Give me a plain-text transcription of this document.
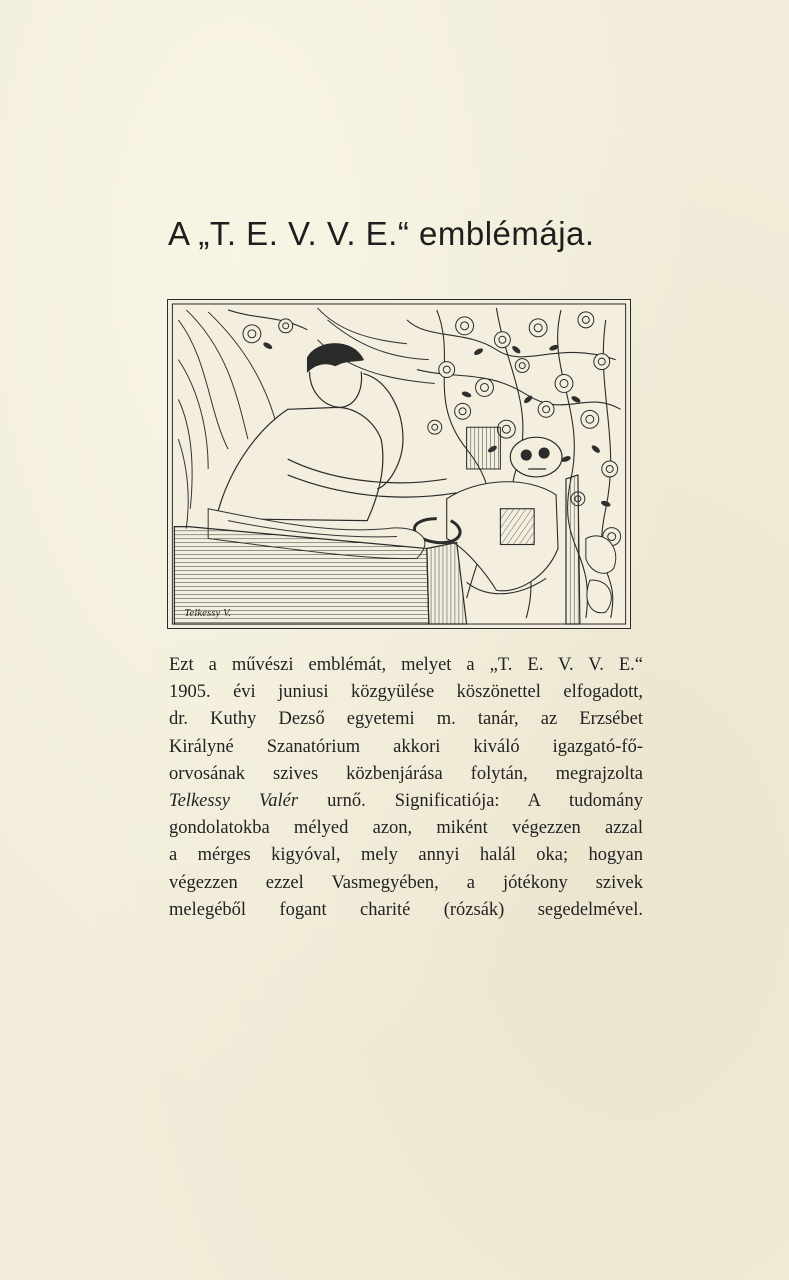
A „T. E. V. V. E.“ emblémája.
Telkessy V.
Ezt a művészi emblémát, melyet a „T. E. V. V. E.“
1905. évi juniusi közgyülése köszönettel elfogadott,
dr. Kuthy Dezső egyetemi m. tanár, az Erzsébet
Királyné Szanatórium akkori kiváló igazgató-fő-
orvosának szives közbenjárása folytán, megrajzolta
Telkessy Valér urnő. Significatiója: A tudomány
gondolatokba mélyed azon, miként végezzen azzal
a mérges kigyóval, mely annyi halál oka; hogyan
végezzen ezzel Vasmegyében, a jótékony szivek
melegéből fogant charité (rózsák) segedelmével.
